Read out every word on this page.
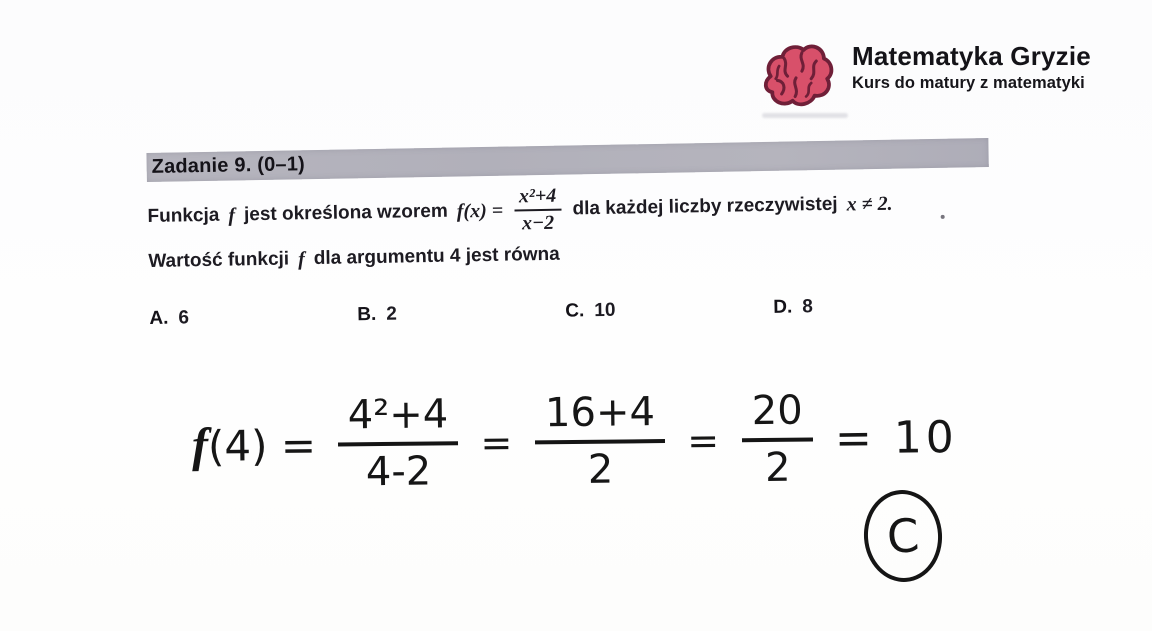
Matematyka Gryzie
Kurs do matury z matematyki
Zadanie 9. (0–1)
Funkcja f jest określona wzorem $f(x) = \frac{\text{x²+4}}{x-2}$ dla każdej liczby rzeczywistej x ≠ 2.
Wartość funkcji f dla argumentu 4 jest równa
A. 6	B. 2	C. 10	D. 8
$f(4) = \frac{\text{4²+4}}{4-2} = \frac{16+4}{2} = \frac{20}{2} = 10$
C
